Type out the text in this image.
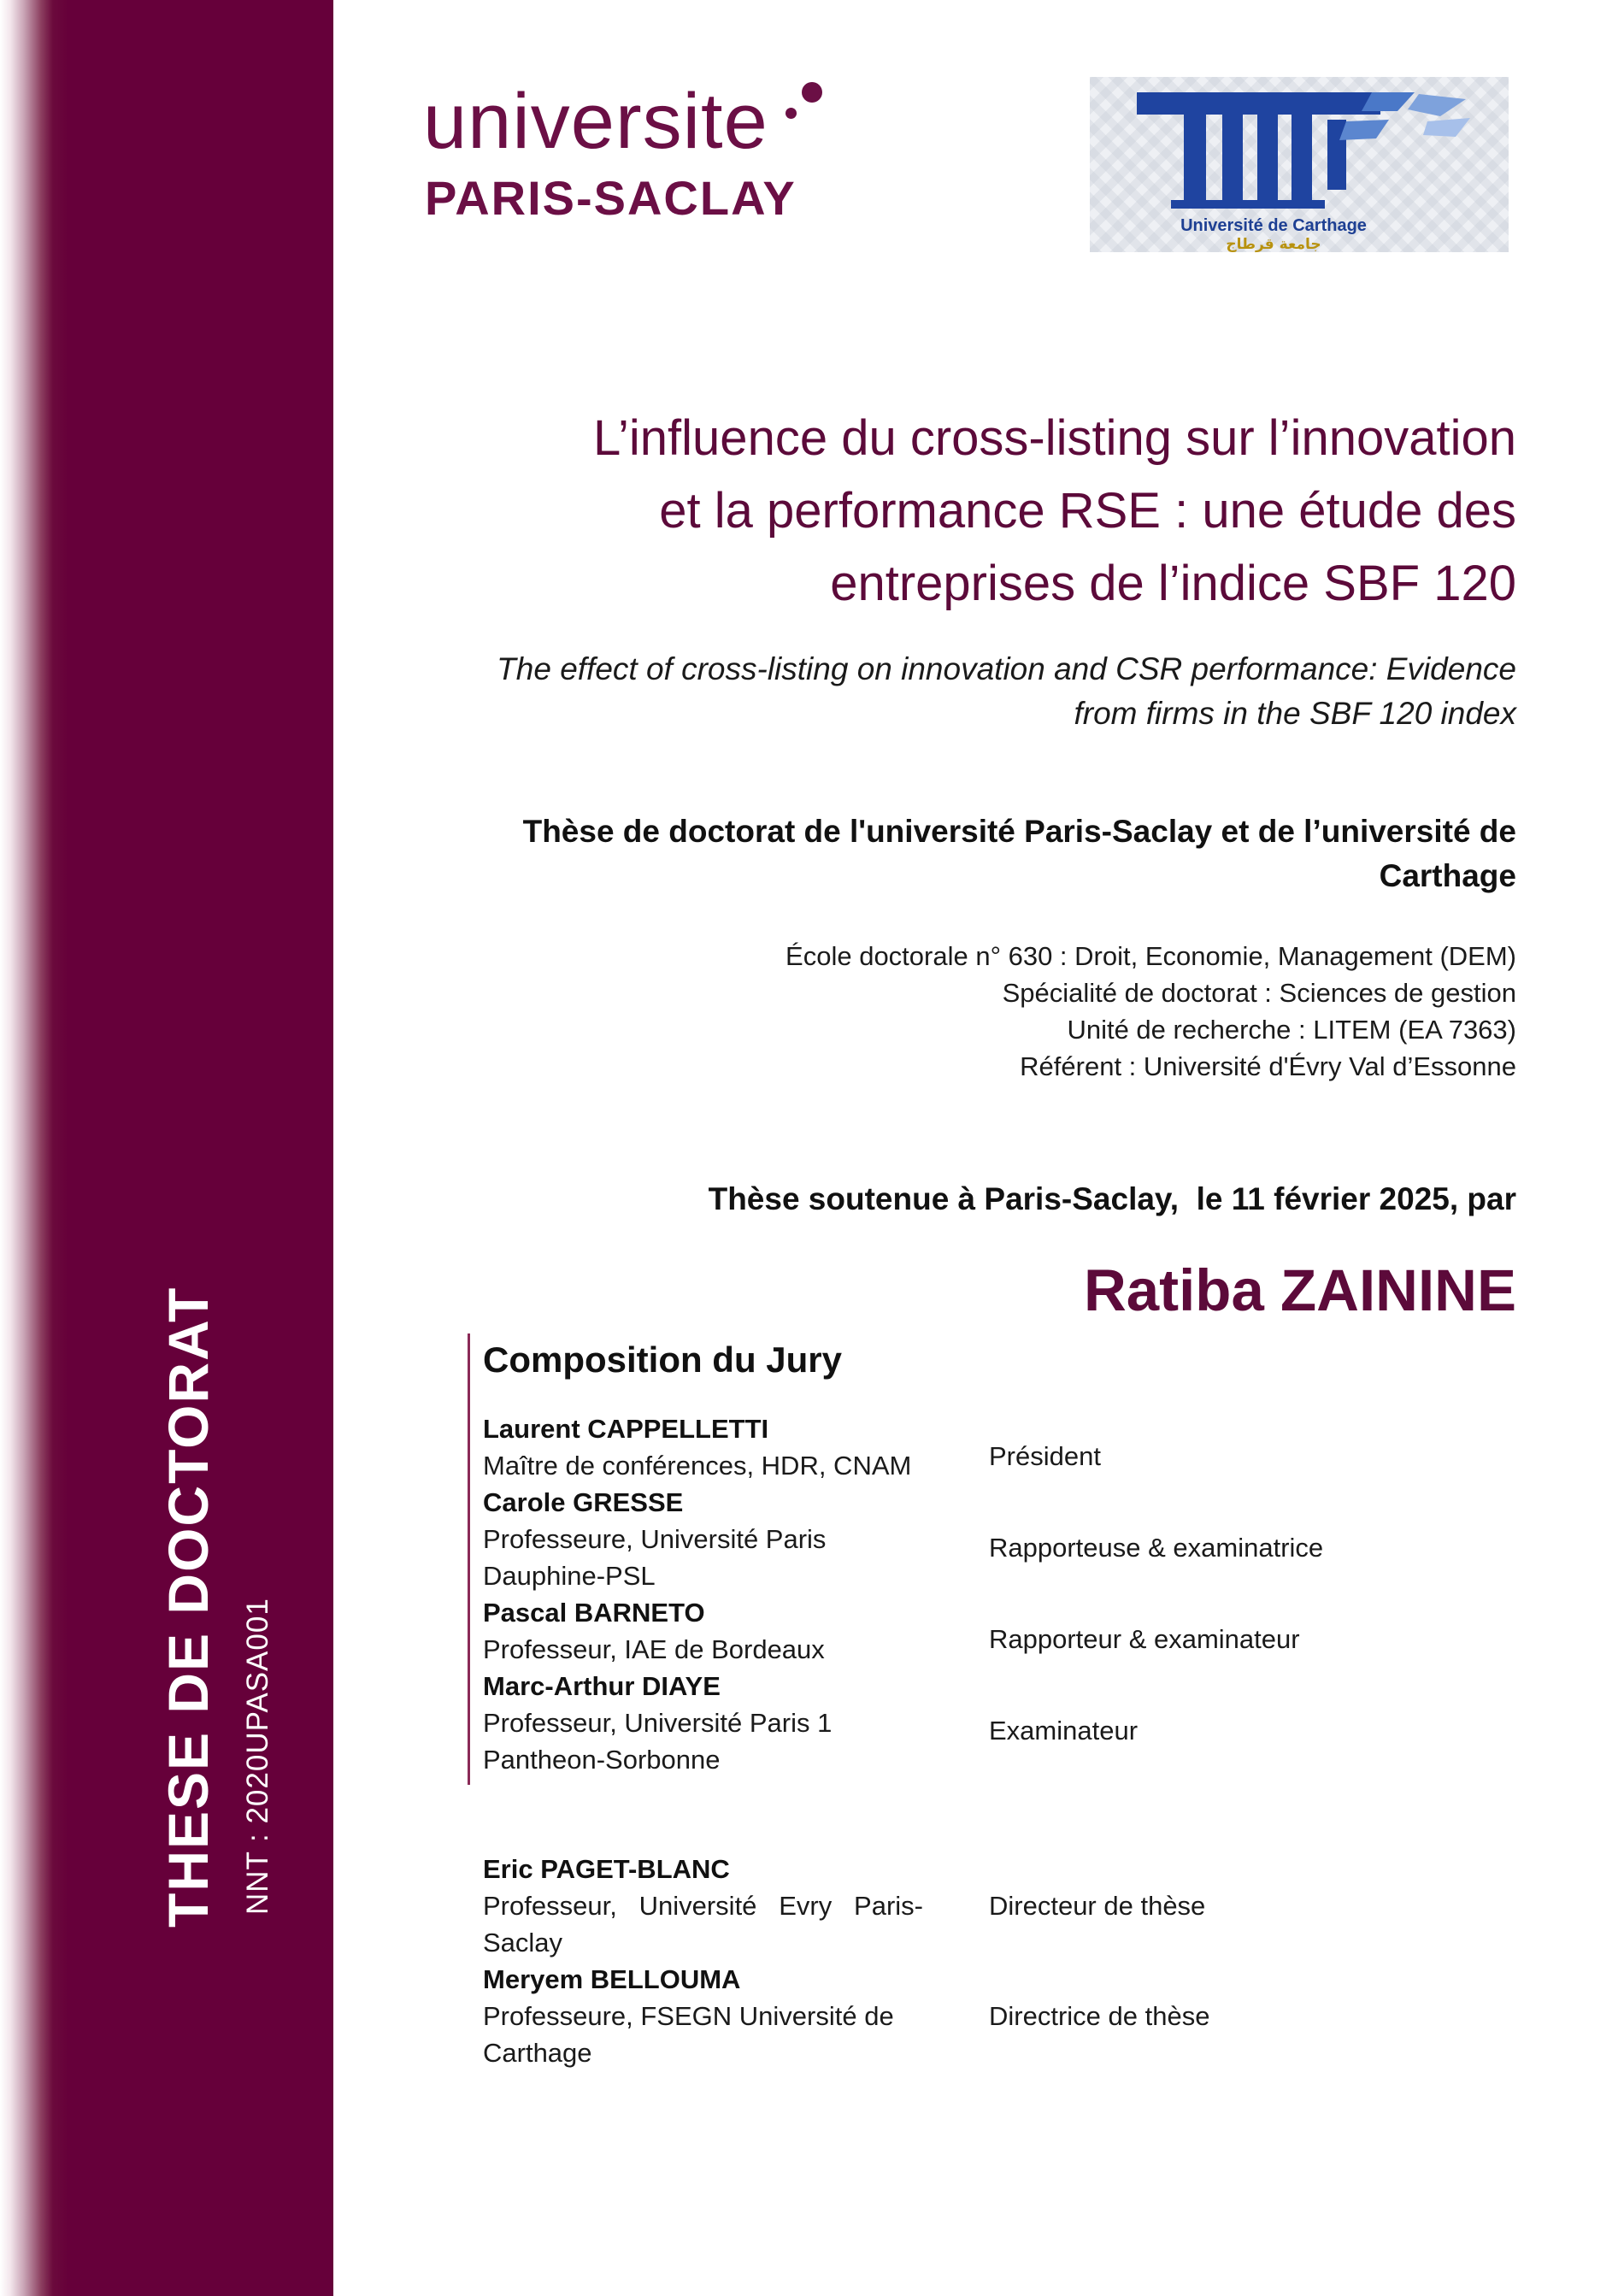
THESE DE DOCTORAT NNT : 2020UPASA001
universite
PARIS-SACLAY
Université de Carthage
جامعة قرطاج
L’influence du cross-listing sur l’innovation
et la performance RSE : une étude des
entreprises de l’indice SBF 120
The effect of cross-listing on innovation and CSR performance: Evidence
from firms in the SBF 120 index
Thèse de doctorat de l'université Paris-Saclay et de l’université de
Carthage
École doctorale n° 630 : Droit, Economie, Management (DEM)
Spécialité de doctorat : Sciences de gestion
Unité de recherche : LITEM (EA 7363)
Référent : Université d'Évry Val d’Essonne
Thèse soutenue à Paris-Saclay,  le 11 février 2025, par
Ratiba ZAININE
Composition du Jury
Laurent CAPPELLETTI
Maître de conférences, HDR, CNAM	Président
Carole GRESSE
Professeure, Université Paris
Dauphine-PSL
Rapporteuse & examinatrice
Pascal BARNETO
Professeur, IAE de Bordeaux	Rapporteur & examinateur
Marc-Arthur DIAYE
Professeur, Université Paris 1
Pantheon-Sorbonne
Examinateur
Eric PAGET-BLANC
Professeur, Université Evry Paris-
Saclay
Directeur de thèse
Meryem BELLOUMA
Professeure, FSEGN Université de
Carthage
Directrice de thèse
